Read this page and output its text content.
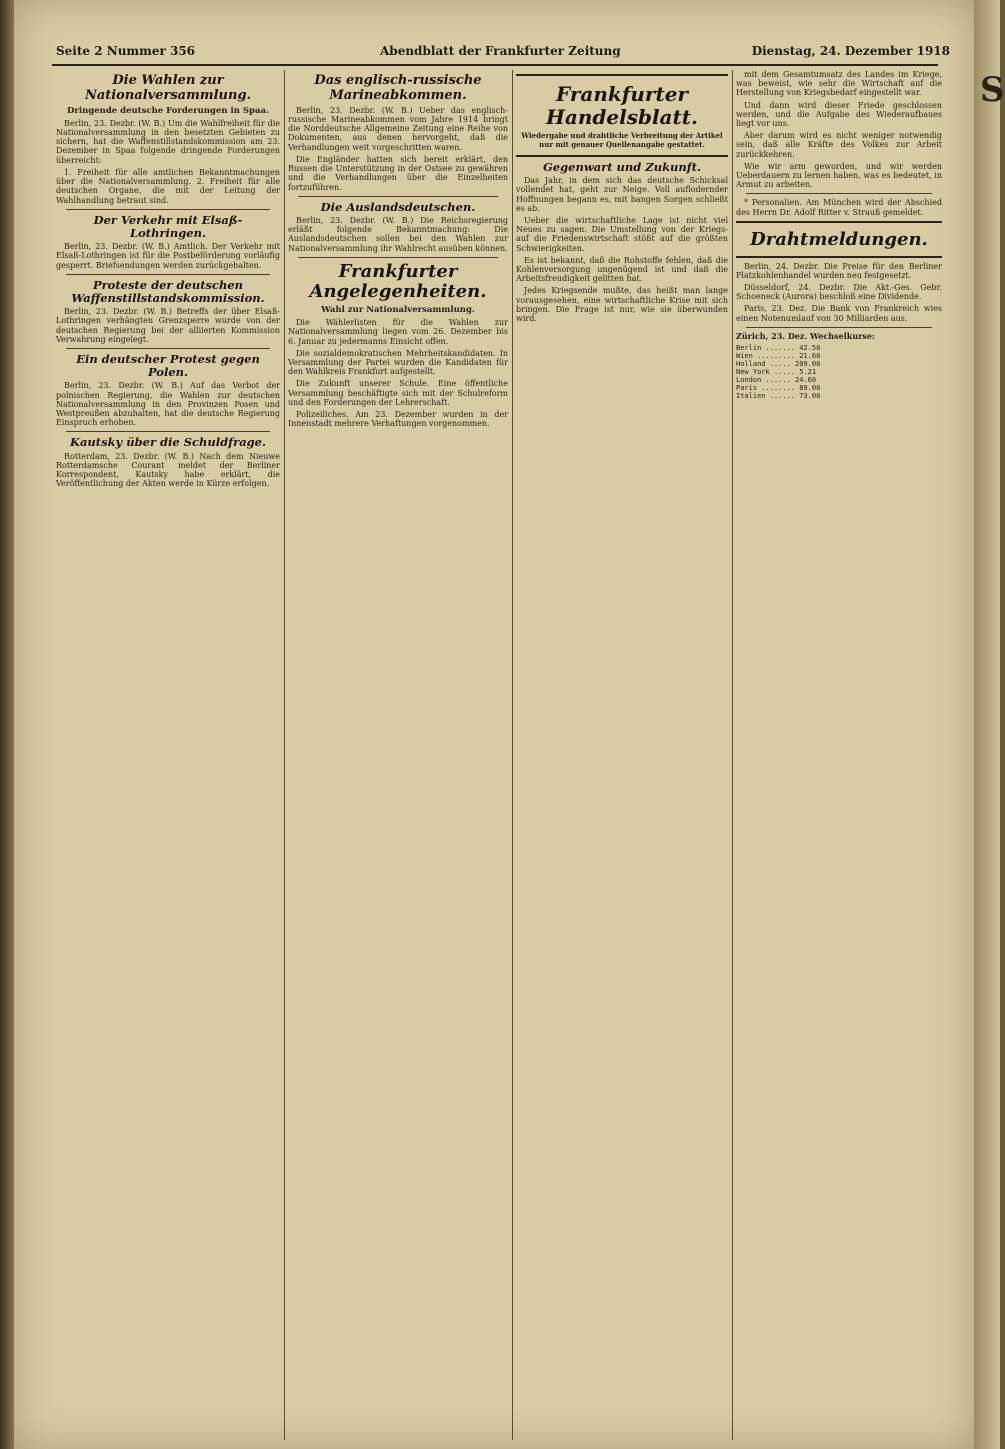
S
Seite 2 Nummer 356	Abendblatt der Frankfurter Zeitung	Dienstag, 24. Dezember 1918
Die Wahlen zur Nationalversammlung.
Dringende deutsche Forderungen in Spaa.

Berlin, 23. Dezbr. (W. B.) Um die Wahlfreiheit für die Nationalversammlung in den besetzten Gebieten zu sichern, hat die Waffenstillstandskommission am 23. Dezember in Spaa folgende dringende Forderungen überreicht:

1. Freiheit für alle amtlichen Bekanntmachungen über die Nationalversammlung. 2. Freiheit für alle deutschen Organe, die mit der Leitung der Wahlhandlung betraut sind.

Der Verkehr mit Elsaß-Lothringen.

Berlin, 23. Dezbr. (W. B.) Amtlich. Der Verkehr mit Elsaß-Lothringen ist für die Postbeförderung vorläufig gesperrt. Briefsendungen werden zurückgehalten.

Proteste der deutschen Waffenstillstandskommission.

Berlin, 23. Dezbr. (W. B.) Betreffs der über Elsaß-Lothringen verhängten Grenzsperre wurde von der deutschen Regierung bei der alliierten Kommission Verwahrung eingelegt.

Ein deutscher Protest gegen Polen.

Berlin, 23. Dezbr. (W. B.) Auf das Verbot der polnischen Regierung, die Wahlen zur deutschen Nationalversammlung in den Provinzen Posen und Westpreußen abzuhalten, hat die deutsche Regierung Einspruch erhoben.

Kautsky über die Schuldfrage.

Rotterdam, 23. Dezbr. (W. B.) Nach dem Nieuwe Rotterdamsche Courant meldet der Berliner Korrespondent, Kautsky habe erklärt, die Veröffentlichung der Akten werde in Kürze erfolgen.

Das englisch-russische Marineabkommen.

Berlin, 23. Dezbr. (W. B.) Ueber das englisch-russische Marineabkommen vom Jahre 1914 bringt die Norddeutsche Allgemeine Zeitung eine Reihe von Dokumenten, aus denen hervorgeht, daß die Verhandlungen weit vorgeschritten waren.

Die Engländer hatten sich bereit erklärt, den Russen die Unterstützung in der Ostsee zu gewähren und die Verhandlungen über die Einzelheiten fortzuführen.

Die Auslandsdeutschen.

Berlin, 23. Dezbr. (W. B.) Die Reichsregierung erläßt folgende Bekanntmachung: Die Auslandsdeutschen sollen bei den Wahlen zur Nationalversammlung ihr Wahlrecht ausüben können.

Frankfurter Angelegenheiten.
Wahl zur Nationalversammlung.

Die Wählerlisten für die Wahlen zur Nationalversammlung liegen vom 26. Dezember bis 6. Januar zu jedermanns Einsicht offen.

Die sozialdemokratischen Mehrheitskandidaten. In Versammlung der Partei wurden die Kandidaten für den Wahlkreis Frankfurt aufgestellt.

Die Zukunft unserer Schule. Eine öffentliche Versammlung beschäftigte sich mit der Schulreform und den Forderungen der Lehrerschaft.

Polizeiliches. Am 23. Dezember wurden in der Innenstadt mehrere Verhaftungen vorgenommen.

Frankfurter Handelsblatt.
Wiedergabe und drahtliche Verbreitung der Artikel nur mit genauer Quellenangabe gestattet.
Gegenwart und Zukunft.

Das Jahr, in dem sich das deutsche Schicksal vollendet hat, geht zur Neige. Voll auflodernder Hoffnungen begann es, mit bangen Sorgen schließt es ab.

Ueber die wirtschaftliche Lage ist nicht viel Neues zu sagen. Die Umstellung von der Kriegs- auf die Friedenswirtschaft stößt auf die größten Schwierigkeiten.

Es ist bekannt, daß die Rohstoffe fehlen, daß die Kohlenversorgung ungenügend ist und daß die Arbeitsfreudigkeit gelitten hat.

Jedes Kriegsende mußte, das heißt man lange vorausgesehen, eine wirtschaftliche Krise mit sich bringen. Die Frage ist nur, wie sie überwunden wird.

mit dem Gesamtumsatz des Landes im Kriege, was beweist, wie sehr die Wirtschaft auf die Herstellung von Kriegsbedarf eingestellt war.

Und dann wird dieser Friede geschlossen werden, und die Aufgabe des Wiederaufbaues liegt vor uns.

Aber darum wird es nicht weniger notwendig sein, daß alle Kräfte des Volkes zur Arbeit zurückkehren.

Wie wir arm geworden, und wir werden Ueberdauern zu lernen haben, was es bedeutet, in Armut zu arbeiten.

* Personalien. Am München wird der Abschied des Herrn Dr. Adolf Ritter v. Strauß gemeldet.

Drahtmeldungen.

Berlin, 24. Dezbr. Die Preise für den Berliner Platzkohlenhandel wurden neu festgesetzt.

Düsseldorf, 24. Dezbr. Die Akt.-Ges. Gebr. Schoeneck (Aurora) beschloß eine Dividende.

Paris, 23. Dez. Die Bank von Frankreich wies einen Notenumlauf von 30 Milliarden aus.

Zürich, 23. Dez. Wechselkurse:
Berlin ....... 42.50
Wien ......... 21.60
Holland ..... 209.00
New York ..... 5.21
London ...... 24.60
Paris ........ 89.00
Italien ...... 73.00
